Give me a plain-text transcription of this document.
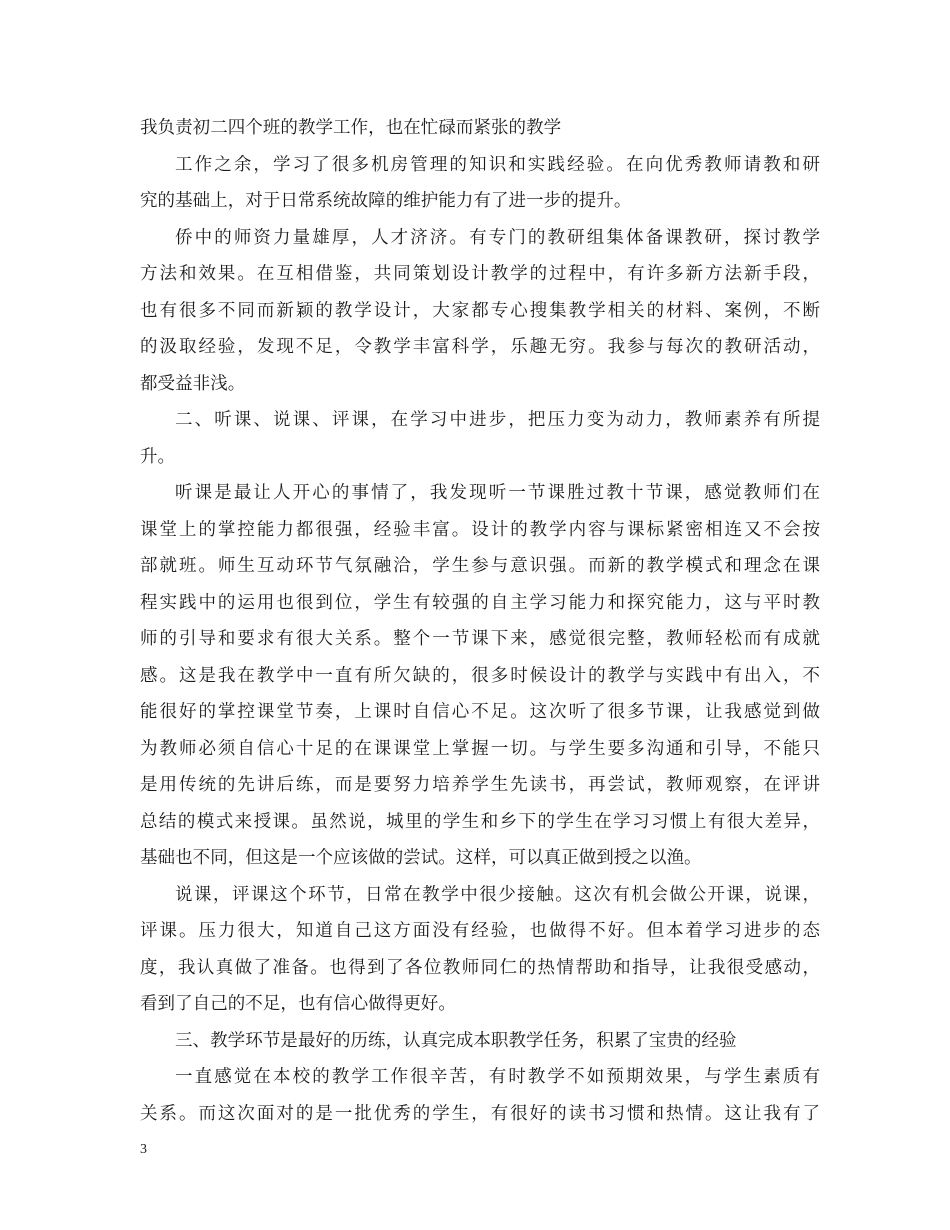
我负责初二四个班的教学工作，也在忙碌而紧张的教学
工作之余，学习了很多机房管理的知识和实践经验。在向优秀教师请教和研
究的基础上，对于日常系统故障的维护能力有了进一步的提升。
侨中的师资力量雄厚，人才济济。有专门的教研组集体备课教研，探讨教学
方法和效果。在互相借鉴，共同策划设计教学的过程中，有许多新方法新手段，
也有很多不同而新颖的教学设计，大家都专心搜集教学相关的材料、案例，不断
的汲取经验，发现不足，令教学丰富科学，乐趣无穷。我参与每次的教研活动，
都受益非浅。
二、听课、说课、评课，在学习中进步，把压力变为动力，教师素养有所提
升。
听课是最让人开心的事情了，我发现听一节课胜过教十节课，感觉教师们在
课堂上的掌控能力都很强，经验丰富。设计的教学内容与课标紧密相连又不会按
部就班。师生互动环节气氛融洽，学生参与意识强。而新的教学模式和理念在课
程实践中的运用也很到位，学生有较强的自主学习能力和探究能力，这与平时教
师的引导和要求有很大关系。整个一节课下来，感觉很完整，教师轻松而有成就
感。这是我在教学中一直有所欠缺的，很多时候设计的教学与实践中有出入，不
能很好的掌控课堂节奏，上课时自信心不足。这次听了很多节课，让我感觉到做
为教师必须自信心十足的在课课堂上掌握一切。与学生要多沟通和引导，不能只
是用传统的先讲后练，而是要努力培养学生先读书，再尝试，教师观察，在评讲
总结的模式来授课。虽然说，城里的学生和乡下的学生在学习习惯上有很大差异，
基础也不同，但这是一个应该做的尝试。这样，可以真正做到授之以渔。
说课，评课这个环节，日常在教学中很少接触。这次有机会做公开课，说课，
评课。压力很大，知道自己这方面没有经验，也做得不好。但本着学习进步的态
度，我认真做了准备。也得到了各位教师同仁的热情帮助和指导，让我很受感动，
看到了自己的不足，也有信心做得更好。
三、教学环节是最好的历练，认真完成本职教学任务，积累了宝贵的经验
一直感觉在本校的教学工作很辛苦，有时教学不如预期效果，与学生素质有
关系。而这次面对的是一批优秀的学生，有很好的读书习惯和热情。这让我有了
3
